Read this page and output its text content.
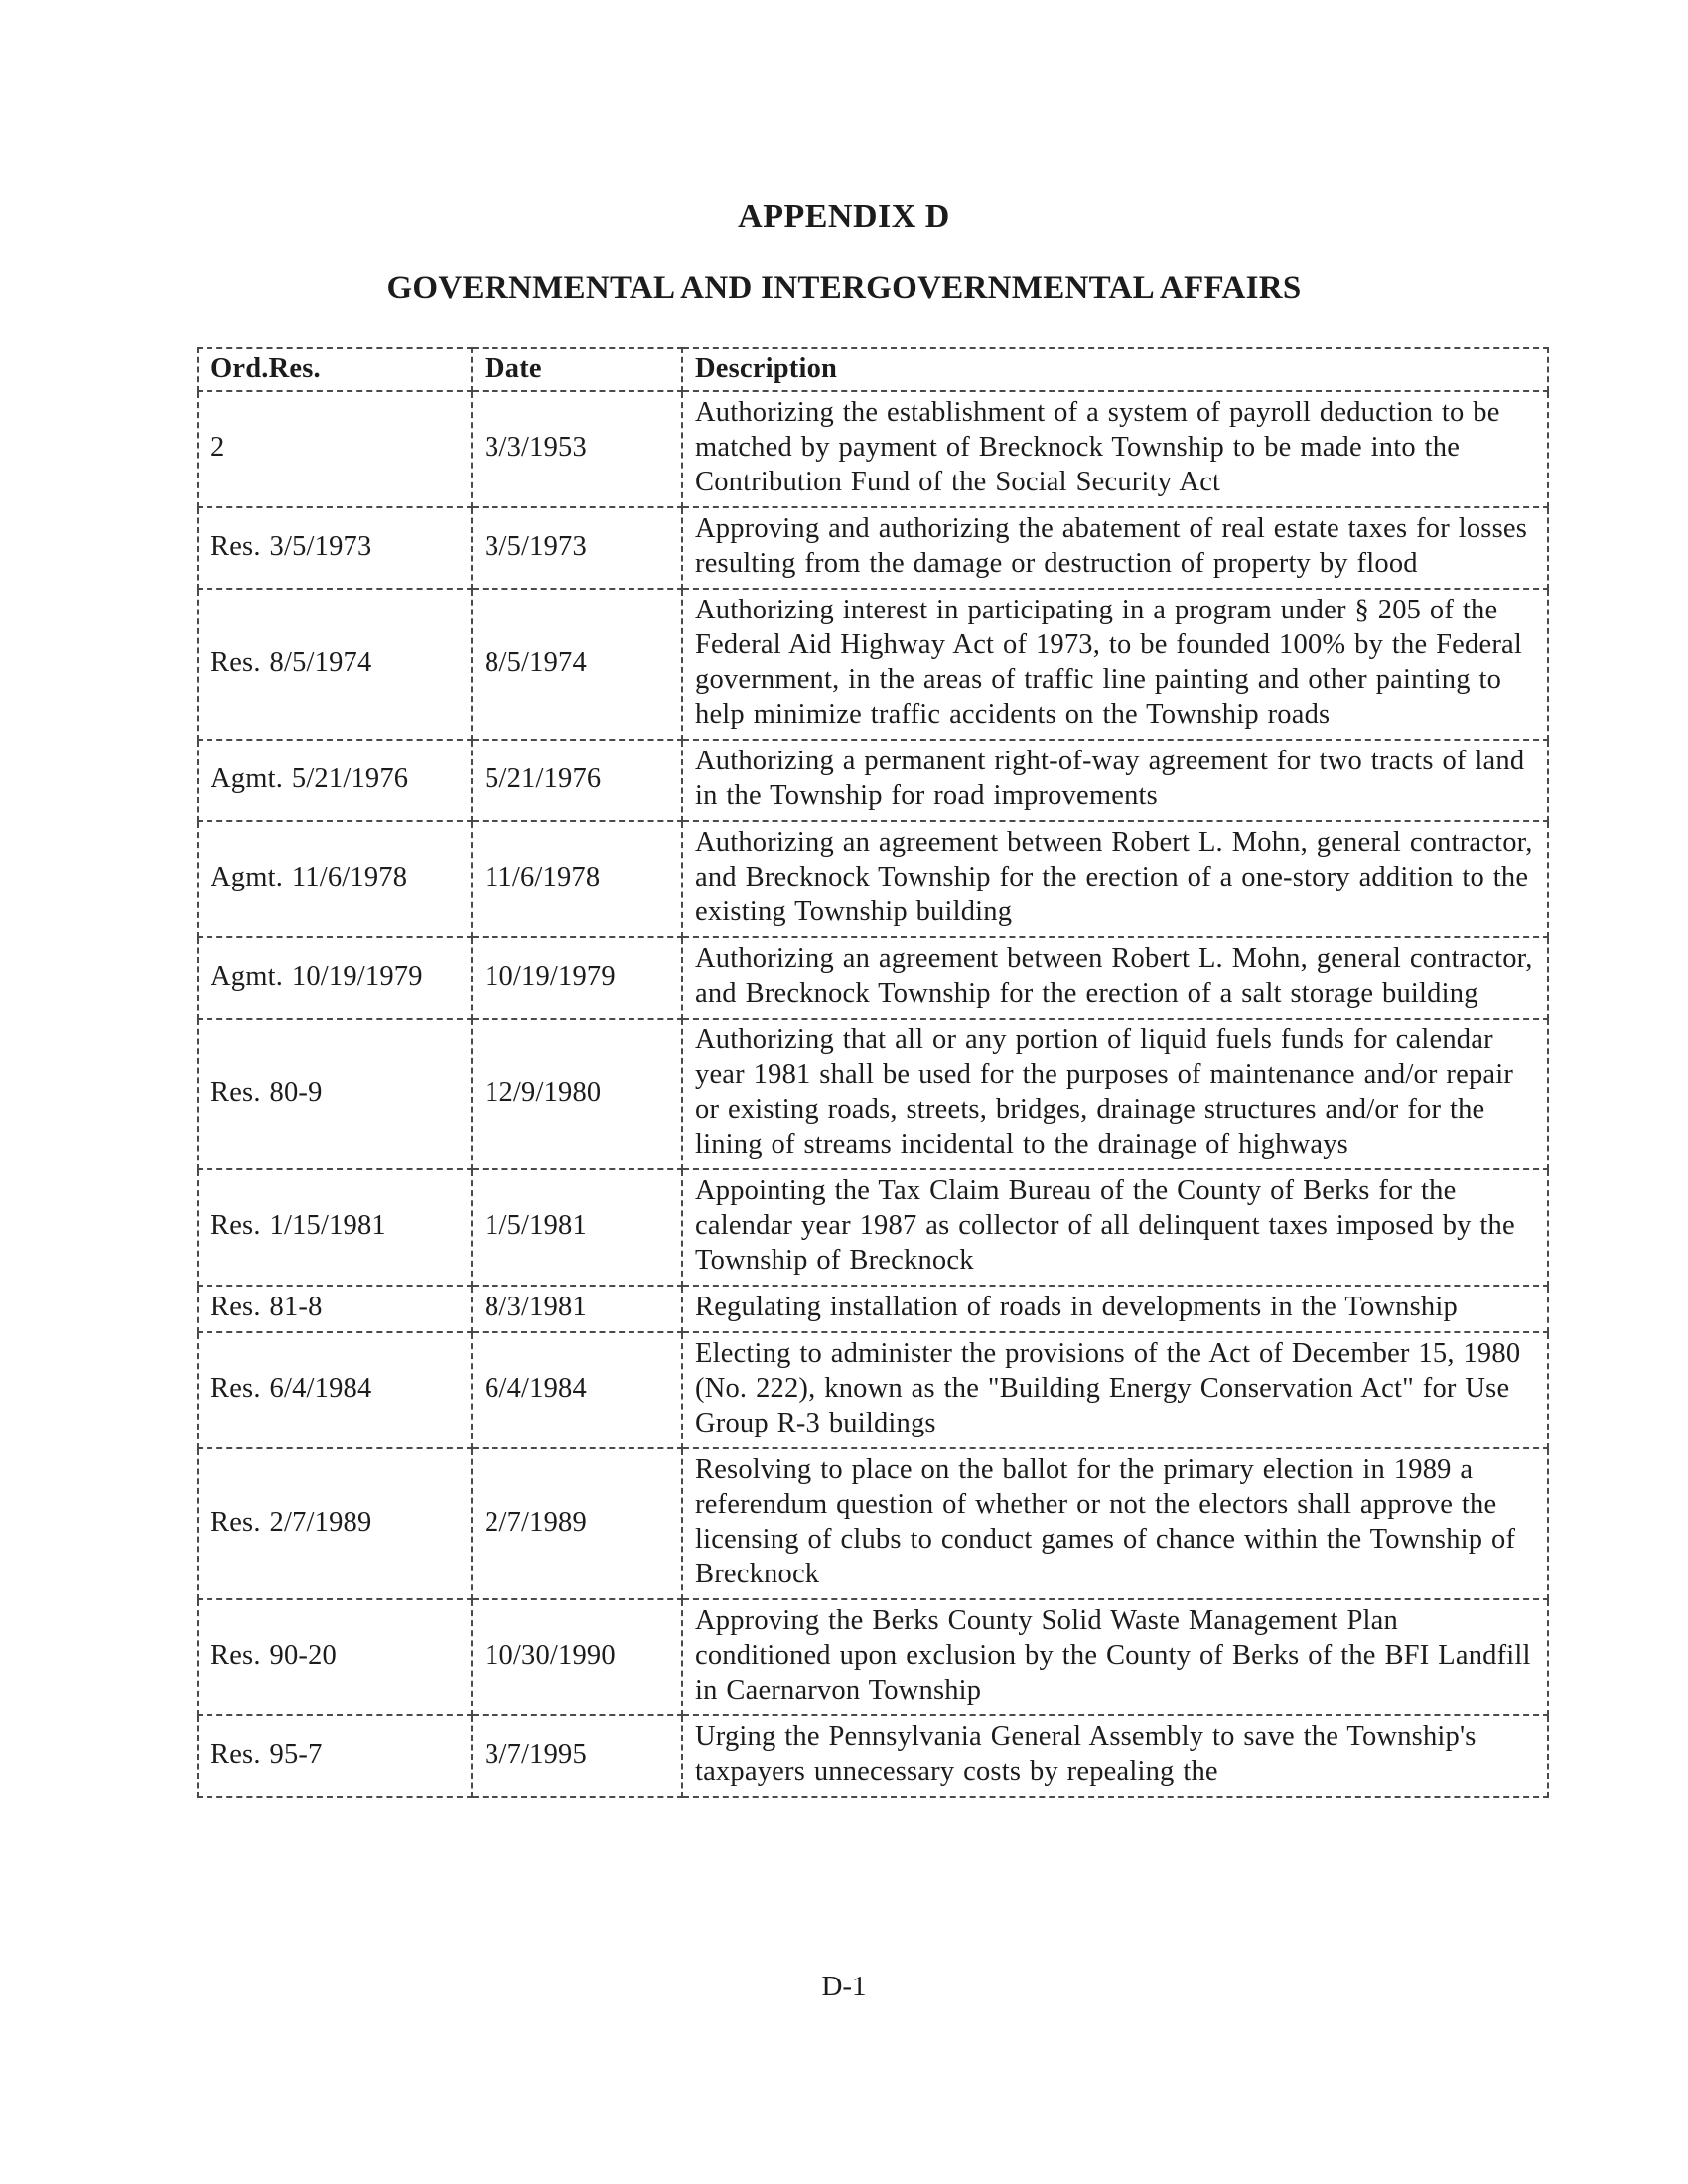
APPENDIX D
GOVERNMENTAL AND INTERGOVERNMENTAL AFFAIRS
Ord.Res.	Date	Description
2	3/3/1953	Authorizing the establishment of a system of payroll deduction to be matched by payment of Brecknock Township to be made into the Contribution Fund of the Social Security Act
Res. 3/5/1973	3/5/1973	Approving and authorizing the abatement of real estate taxes for losses resulting from the damage or destruction of property by flood
Res. 8/5/1974	8/5/1974	Authorizing interest in participating in a program under § 205 of the Federal Aid Highway Act of 1973, to be founded 100% by the Federal government, in the areas of traffic line painting and other painting to help minimize traffic accidents on the Township roads
Agmt. 5/21/1976	5/21/1976	Authorizing a permanent right-of-way agreement for two tracts of land in the Township for road improvements
Agmt. 11/6/1978	11/6/1978	Authorizing an agreement between Robert L. Mohn, general contractor, and Brecknock Township for the erection of a one-story addition to the existing Township building
Agmt. 10/19/1979	10/19/1979	Authorizing an agreement between Robert L. Mohn, general contractor, and Brecknock Township for the erection of a salt storage building
Res. 80-9	12/9/1980	Authorizing that all or any portion of liquid fuels funds for calendar year 1981 shall be used for the purposes of maintenance and/or repair or existing roads, streets, bridges, drainage structures and/or for the lining of streams incidental to the drainage of highways
Res. 1/15/1981	1/5/1981	Appointing the Tax Claim Bureau of the County of Berks for the calendar year 1987 as collector of all delinquent taxes imposed by the Township of Brecknock
Res. 81-8	8/3/1981	Regulating installation of roads in developments in the Township
Res. 6/4/1984	6/4/1984	Electing to administer the provisions of the Act of December 15, 1980 (No. 222), known as the "Building Energy Conservation Act" for Use Group R-3 buildings
Res. 2/7/1989	2/7/1989	Resolving to place on the ballot for the primary election in 1989 a referendum question of whether or not the electors shall approve the licensing of clubs to conduct games of chance within the Township of Brecknock
Res. 90-20	10/30/1990	Approving the Berks County Solid Waste Management Plan conditioned upon exclusion by the County of Berks of the BFI Landfill in Caernarvon Township
Res. 95-7	3/7/1995	Urging the Pennsylvania General Assembly to save the Township's taxpayers unnecessary costs by repealing the
D-1
